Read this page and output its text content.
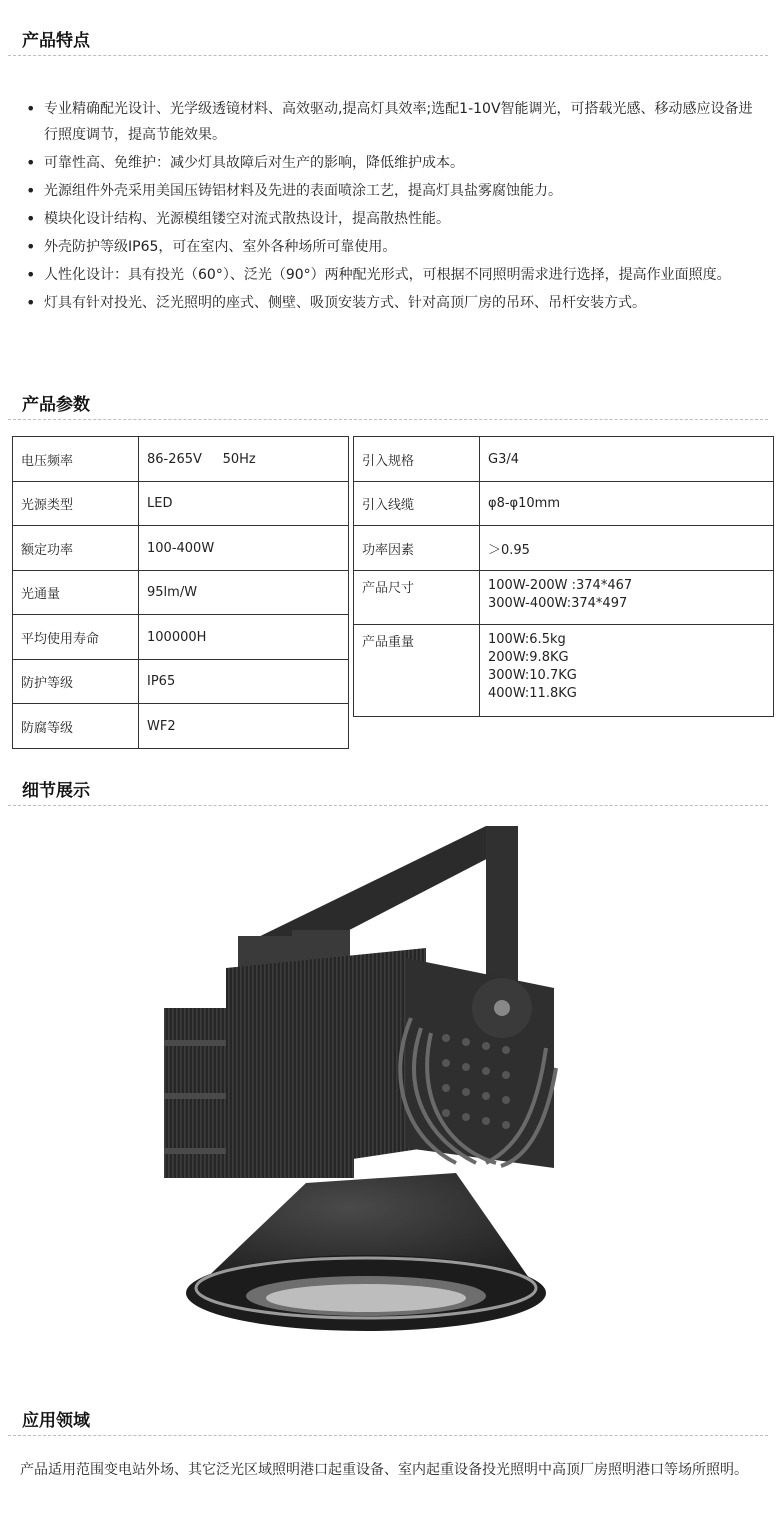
产品特点
• 专业精确配光设计、光学级透镜材料、高效驱动,提高灯具效率;选配1-10V智能调光，可搭载光感、移动感应设备进行照度调节，提高节能效果。
• 可靠性高、免维护：减少灯具故障后对生产的影响，降低维护成本。
• 光源组件外壳采用美国压铸铝材料及先进的表面喷涂工艺，提高灯具盐雾腐蚀能力。
• 模块化设计结构、光源模组镂空对流式散热设计，提高散热性能。
• 外壳防护等级IP65，可在室内、室外各种场所可靠使用。
• 人性化设计：具有投光（60°）、泛光（90°）两种配光形式，可根据不同照明需求进行选择，提高作业面照度。
• 灯具有针对投光、泛光照明的座式、侧壁、吸顶安装方式、针对高顶厂房的吊环、吊杆安装方式。
产品参数
电压频率	86-265V     50Hz
光源类型	LED
额定功率	100-400W
光通量	95lm/W
平均使用寿命	100000H
防护等级	IP65
防腐等级	WF2
引入规格	G3/4
引入线缆	φ8-φ10mm
功率因素	＞0.95
产品尺寸	100W-200W :374*467
300W-400W:374*497

产品重量	100W:6.5kg
200W:9.8KG
300W:10.7KG
400W:11.8KG
细节展示
应用领域

产品适用范围变电站外场、其它泛光区域照明港口起重设备、室内起重设备投光照明中高顶厂房照明港口等场所照明。
